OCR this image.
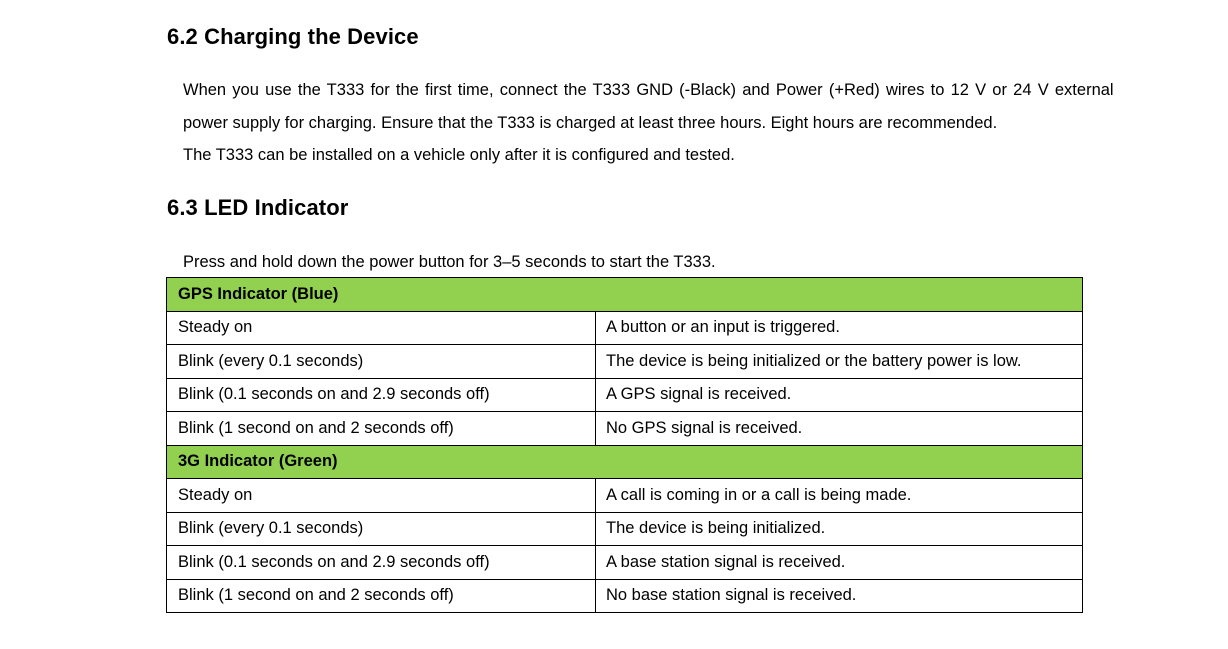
6.2 Charging the Device

When you use the T333 for the first time, connect the T333 GND (-Black) and Power (+Red) wires to 12 V or 24 V external

power supply for charging. Ensure that the T333 is charged at least three hours. Eight hours are recommended.

The T333 can be installed on a vehicle only after it is configured and tested.

6.3 LED Indicator

Press and hold down the power button for 3–5 seconds to start the T333.

GPS Indicator (Blue)	
Steady on	A button or an input is triggered.
Blink (every 0.1 seconds)	The device is being initialized or the battery power is low.
Blink (0.1 seconds on and 2.9 seconds off)	A GPS signal is received.
Blink (1 second on and 2 seconds off)	No GPS signal is received.
3G Indicator (Green)	
Steady on	A call is coming in or a call is being made.
Blink (every 0.1 seconds)	The device is being initialized.
Blink (0.1 seconds on and 2.9 seconds off)	A base station signal is received.
Blink (1 second on and 2 seconds off)	No base station signal is received.
